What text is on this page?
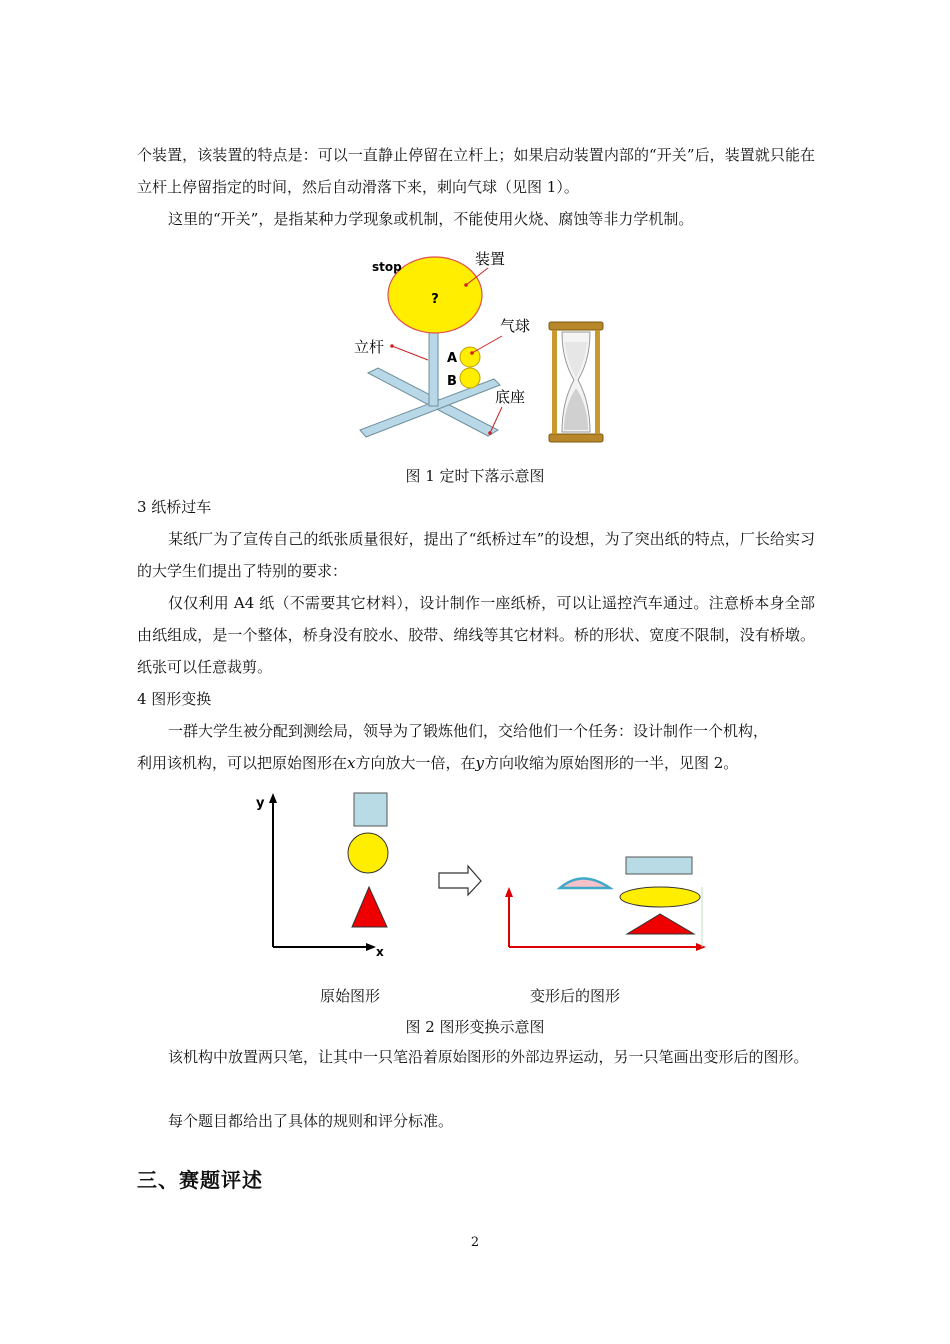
个装置，该装置的特点是：可以一直静止停留在立杆上；如果启动装置内部的“开关”后，装置就只能在立杆上停留指定的时间，然后自动滑落下来，刺向气球（见图 1）。

这里的“开关”，是指某种力学现象或机制，不能使用火烧、腐蚀等非力学机制。

?
stop
A
B
装置
气球
立杆
底座
图 1 定时下落示意图

3 纸桥过车

某纸厂为了宣传自己的纸张质量很好，提出了“纸桥过车”的设想，为了突出纸的特点，厂长给实习的大学生们提出了特别的要求：

仅仅利用 A4 纸（不需要其它材料），设计制作一座纸桥，可以让遥控汽车通过。注意桥本身全部由纸组成，是一个整体，桥身没有胶水、胶带、绵线等其它材料。桥的形状、宽度不限制，没有桥墩。纸张可以任意裁剪。

4 图形变换

一群大学生被分配到测绘局，领导为了锻炼他们，交给他们一个任务：设计制作一个机构，

利用该机构，可以把原始图形在x方向放大一倍，在y方向收缩为原始图形的一半，见图 2。

y
x
原始图形	变形后的图形
图 2 图形变换示意图

该机构中放置两只笔，让其中一只笔沿着原始图形的外部边界运动，另一只笔画出变形后的图形。

每个题目都给出了具体的规则和评分标准。

三、赛题评述
2
